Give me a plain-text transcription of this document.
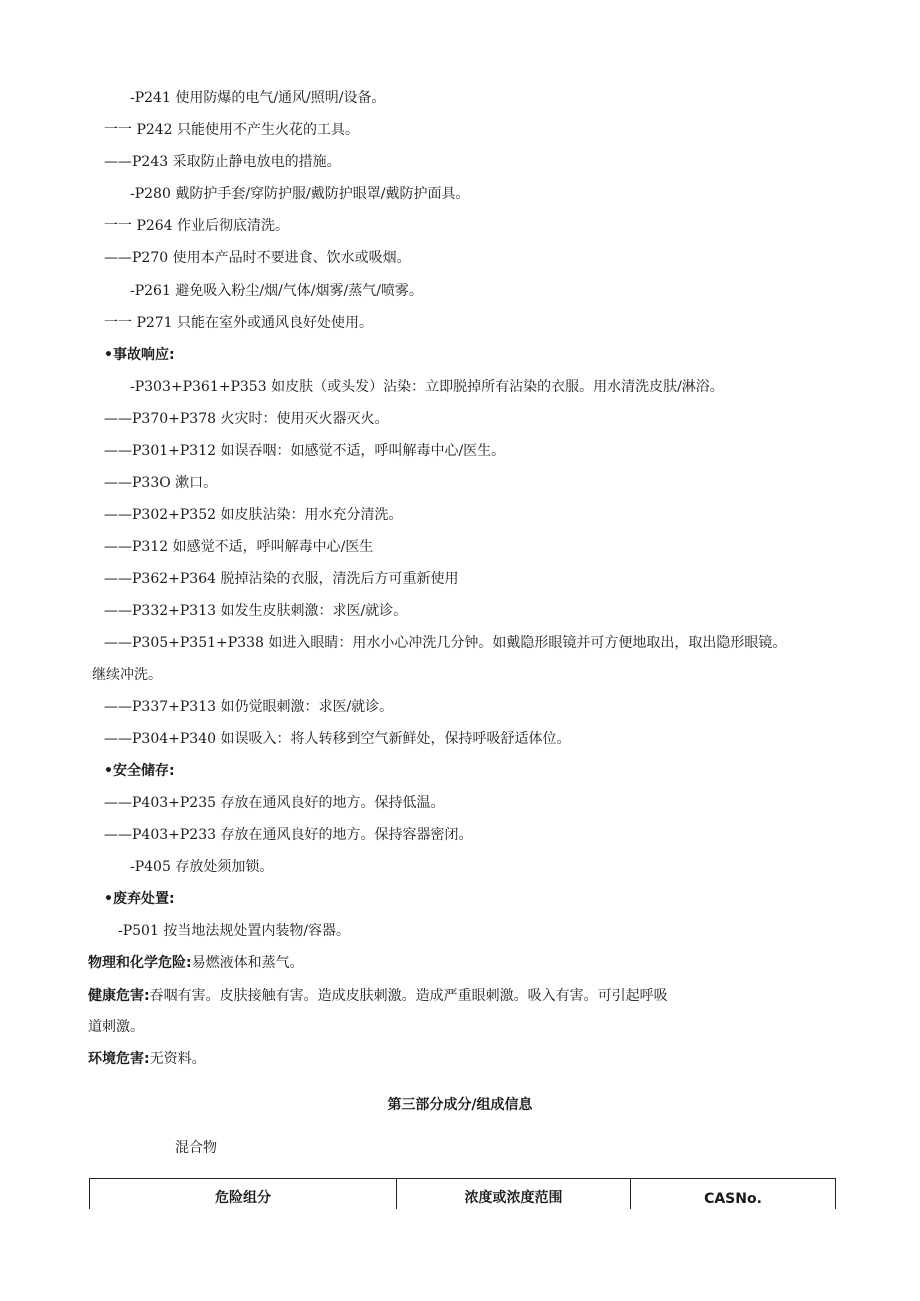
-P241 使用防爆的电气/通风/照明/设备。
一一 P242 只能使用不产生火花的工具。
——P243 采取防止静电放电的措施。
-P280 戴防护手套/穿防护服/戴防护眼罩/戴防护面具。
一一 P264 作业后彻底清洗。
——P270 使用本产品时不要进食、饮水或吸烟。
-P261 避免吸入粉尘/烟/气体/烟雾/蒸气/喷雾。
一一 P271 只能在室外或通风良好处使用。
•事故响应:
-P303+P361+P353 如皮肤（或头发）沾染：立即脱掉所有沾染的衣服。用水清洗皮肤/淋浴。
——P370+P378 火灾时：使用灭火器灭火。
——P301+P312 如误吞咽：如感觉不适，呼叫解毒中心/医生。
——P33O 漱口。
——P302+P352 如皮肤沾染：用水充分清洗。
——P312 如感觉不适，呼叫解毒中心/医生
——P362+P364 脱掉沾染的衣服，清洗后方可重新使用
——P332+P313 如发生皮肤刺激：求医/就诊。
——P305+P351+P338 如进入眼睛：用水小心冲洗几分钟。如戴隐形眼镜并可方便地取出，取出隐形眼镜。
继续冲洗。
——P337+P313 如仍觉眼刺激：求医/就诊。
——P304+P340 如误吸入：将人转移到空气新鲜处，保持呼吸舒适体位。
•安全储存:
——P403+P235 存放在通风良好的地方。保持低温。
——P403+P233 存放在通风良好的地方。保持容器密闭。
-P405 存放处须加锁。
•废弃处置:
-P501 按当地法规处置内装物/容器。
物理和化学危险:易燃液体和蒸气。
健康危害:吞咽有害。皮肤接触有害。造成皮肤刺激。造成严重眼刺激。吸入有害。可引起呼吸
道刺激。
环境危害:无资料。
第三部分成分/组成信息
混合物
危险组分	浓度或浓度范围	CASNo.
